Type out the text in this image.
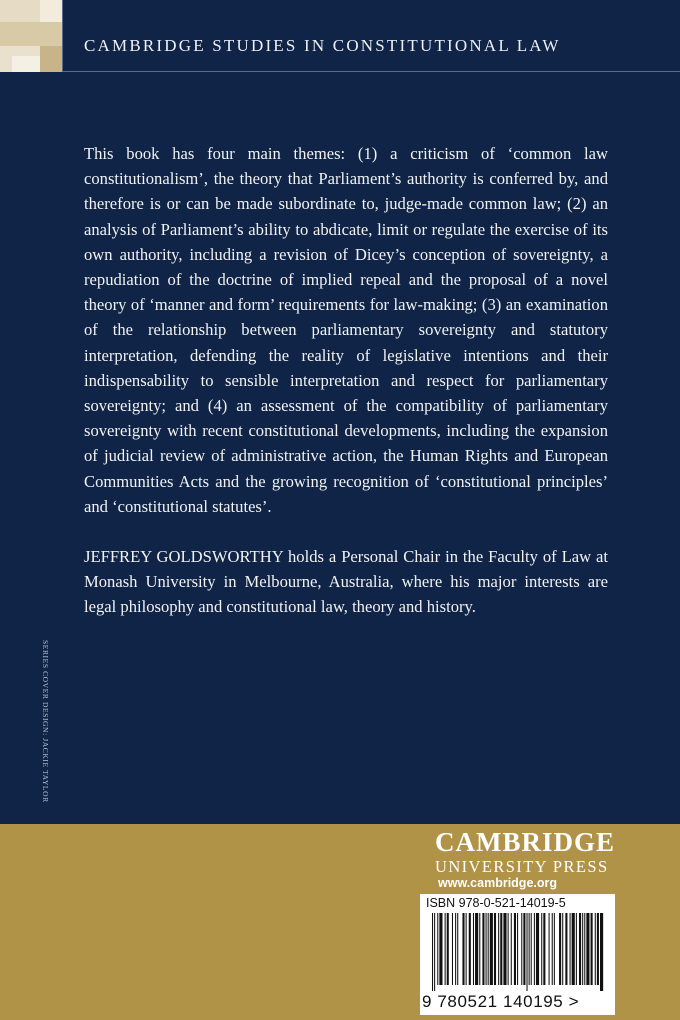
CAMBRIDGE STUDIES IN CONSTITUTIONAL LAW

This book has four main themes: (1) a criticism of ‘common law constitutionalism’, the theory that Parliament’s authority is conferred by, and therefore is or can be made subordinate to, judge-made common law; (2) an analysis of Parliament’s ability to abdicate, limit or regulate the exercise of its own authority, including a revision of Dicey’s conception of sovereignty, a repudiation of the doctrine of implied repeal and the proposal of a novel theory of ‘manner and form’ requirements for law-making; (3) an examination of the relationship between parliamentary sovereignty and statutory interpretation, defending the reality of legislative intentions and their indispensability to sensible interpretation and respect for parliamentary sovereignty; and (4) an assessment of the compatibility of parliamentary sovereignty with recent constitutional developments, including the expansion of judicial review of administrative action, the Human Rights and European Communities Acts and the growing recognition of ‘constitutional principles’ and ‘constitutional statutes’.

JEFFREY GOLDSWORTHY holds a Personal Chair in the Faculty of Law at Monash University in Melbourne, Australia, where his major interests are legal philosophy and constitutional law, theory and history.

SERIES COVER DESIGN: JACKIE TAYLOR
CAMBRIDGE
UNIVERSITY PRESS
www.cambridge.org
ISBN 978-0-521-14019-5
9 780521 140195 >
